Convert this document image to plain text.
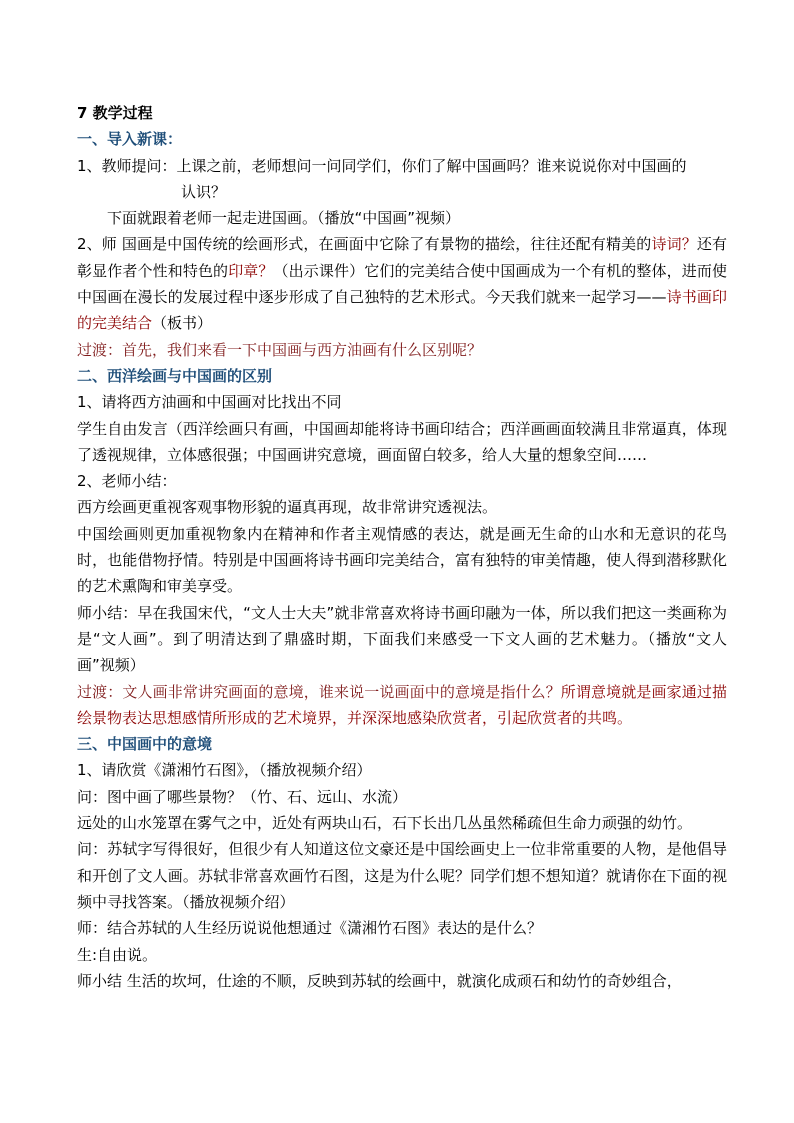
7 教学过程

一、导入新课：

1、教师提问：上课之前，老师想问一问同学们，你们了解中国画吗？谁来说说你对中国画的

认识？

下面就跟着老师一起走进国画。（播放“中国画”视频）

2、师 国画是中国传统的绘画形式，在画面中它除了有景物的描绘，往往还配有精美的诗词？还有彰显作者个性和特色的印章？（出示课件）它们的完美结合使中国画成为一个有机的整体，进而使中国画在漫长的发展过程中逐步形成了自己独特的艺术形式。今天我们就来一起学习——诗书画印的完美结合（板书）

过渡：首先，我们来看一下中国画与西方油画有什么区别呢？

二、西洋绘画与中国画的区别

1、请将西方油画和中国画对比找出不同

学生自由发言（西洋绘画只有画，中国画却能将诗书画印结合；西洋画画面较满且非常逼真，体现了透视规律，立体感很强；中国画讲究意境，画面留白较多，给人大量的想象空间……

2、老师小结：

西方绘画更重视客观事物形貌的逼真再现，故非常讲究透视法。

中国绘画则更加重视物象内在精神和作者主观情感的表达，就是画无生命的山水和无意识的花鸟时，也能借物抒情。特别是中国画将诗书画印完美结合，富有独特的审美情趣，使人得到潜移默化的艺术熏陶和审美享受。

师小结：早在我国宋代，“文人士大夫”就非常喜欢将诗书画印融为一体，所以我们把这一类画称为是“文人画”。到了明清达到了鼎盛时期，下面我们来感受一下文人画的艺术魅力。（播放“文人画”视频）

过渡：文人画非常讲究画面的意境，谁来说一说画面中的意境是指什么？所谓意境就是画家通过描绘景物表达思想感情所形成的艺术境界，并深深地感染欣赏者，引起欣赏者的共鸣。

三、中国画中的意境

1、请欣赏《潇湘竹石图》，（播放视频介绍）

问：图中画了哪些景物？（竹、石、远山、水流）

远处的山水笼罩在雾气之中，近处有两块山石，石下长出几丛虽然稀疏但生命力顽强的幼竹。

问：苏轼字写得很好，但很少有人知道这位文豪还是中国绘画史上一位非常重要的人物，是他倡导和开创了文人画。苏轼非常喜欢画竹石图，这是为什么呢？同学们想不想知道？就请你在下面的视频中寻找答案。（播放视频介绍）

师：结合苏轼的人生经历说说他想通过《潇湘竹石图》表达的是什么？

生:自由说。

师小结 生活的坎坷，仕途的不顺，反映到苏轼的绘画中，就演化成顽石和幼竹的奇妙组合，
